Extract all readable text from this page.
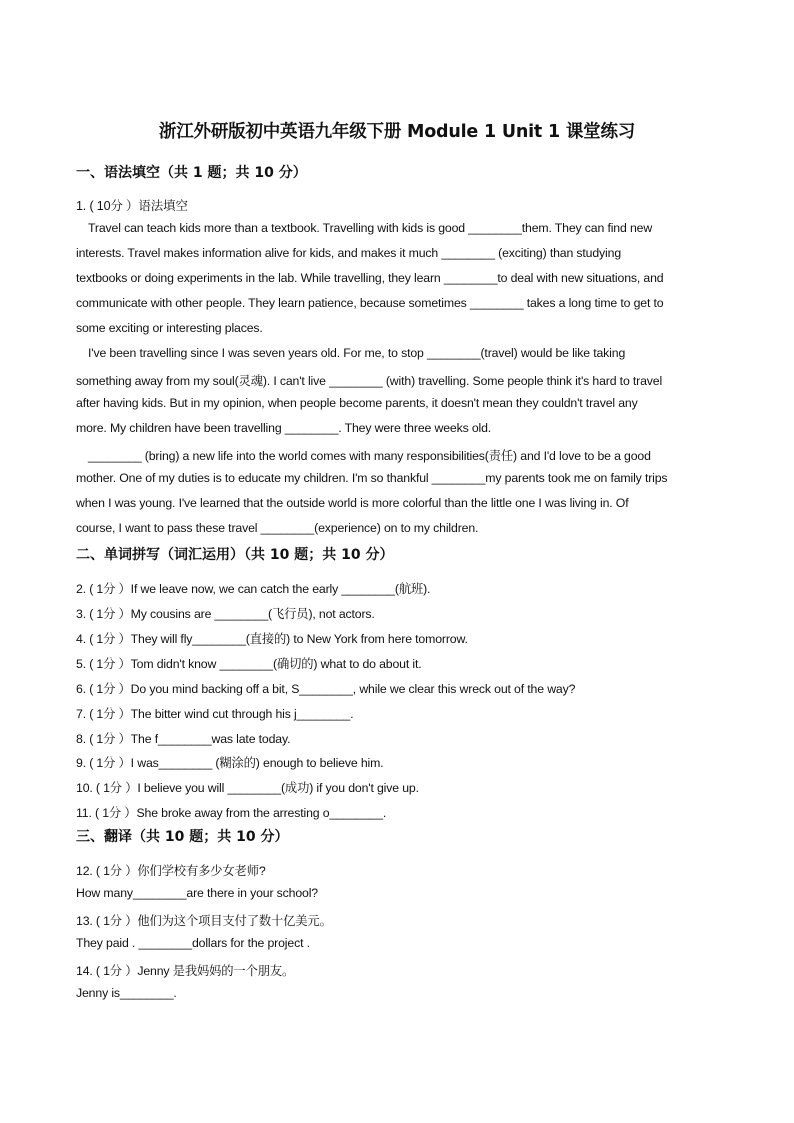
浙江外研版初中英语九年级下册 Module 1 Unit 1 课堂练习
一、语法填空（共 1 题；共 10 分）
1. ( 10分 ）语法填空
Travel can teach kids more than a textbook. Travelling with kids is good ________them. They can find new
interests. Travel makes information alive for kids, and makes it much ________ (exciting) than studying
textbooks or doing experiments in the lab. While travelling, they learn ________to deal with new situations, and
communicate with other people. They learn patience, because sometimes ________ takes a long time to get to
some exciting or interesting places.
I've been travelling since I was seven years old. For me, to stop ________(travel) would be like taking
something away from my soul(灵魂). I can't live ________ (with) travelling. Some people think it's hard to travel
after having kids. But in my opinion, when people become parents, it doesn't mean they couldn't travel any
more. My children have been travelling ________. They were three weeks old.
________ (bring) a new life into the world comes with many responsibilities(责任) and I'd love to be a good
mother. One of my duties is to educate my children. I'm so thankful ________my parents took me on family trips
when I was young. I've learned that the outside world is more colorful than the little one I was living in. Of
course, I want to pass these travel ________(experience) on to my children.
二、单词拼写（词汇运用）（共 10 题；共 10 分）
2. ( 1分 ）If we leave now, we can catch the early ________(航班).
3. ( 1分 ）My cousins are ________(飞行员), not actors.
4. ( 1分 ）They will fly________(直接的) to New York from here tomorrow.
5. ( 1分 ）Tom didn't know ________(确切的) what to do about it.
6. ( 1分 ）Do you mind backing off a bit, S________, while we clear this wreck out of the way?
7. ( 1分 ）The bitter wind cut through his j________.
8. ( 1分 ）The f________was late today.
9. ( 1分 ）I was________ (糊涂的) enough to believe him.
10. ( 1分 ）I believe you will ________(成功) if you don't give up.
11. ( 1分 ）She broke away from the arresting o________.
三、翻译（共 10 题；共 10 分）
12. ( 1分 ）你们学校有多少女老师?
How many________are there in your school?
13. ( 1分 ）他们为这个项目支付了数十亿美元。
They paid . ________dollars for the project .
14. ( 1分 ）Jenny 是我妈妈的一个朋友。
Jenny is________.
